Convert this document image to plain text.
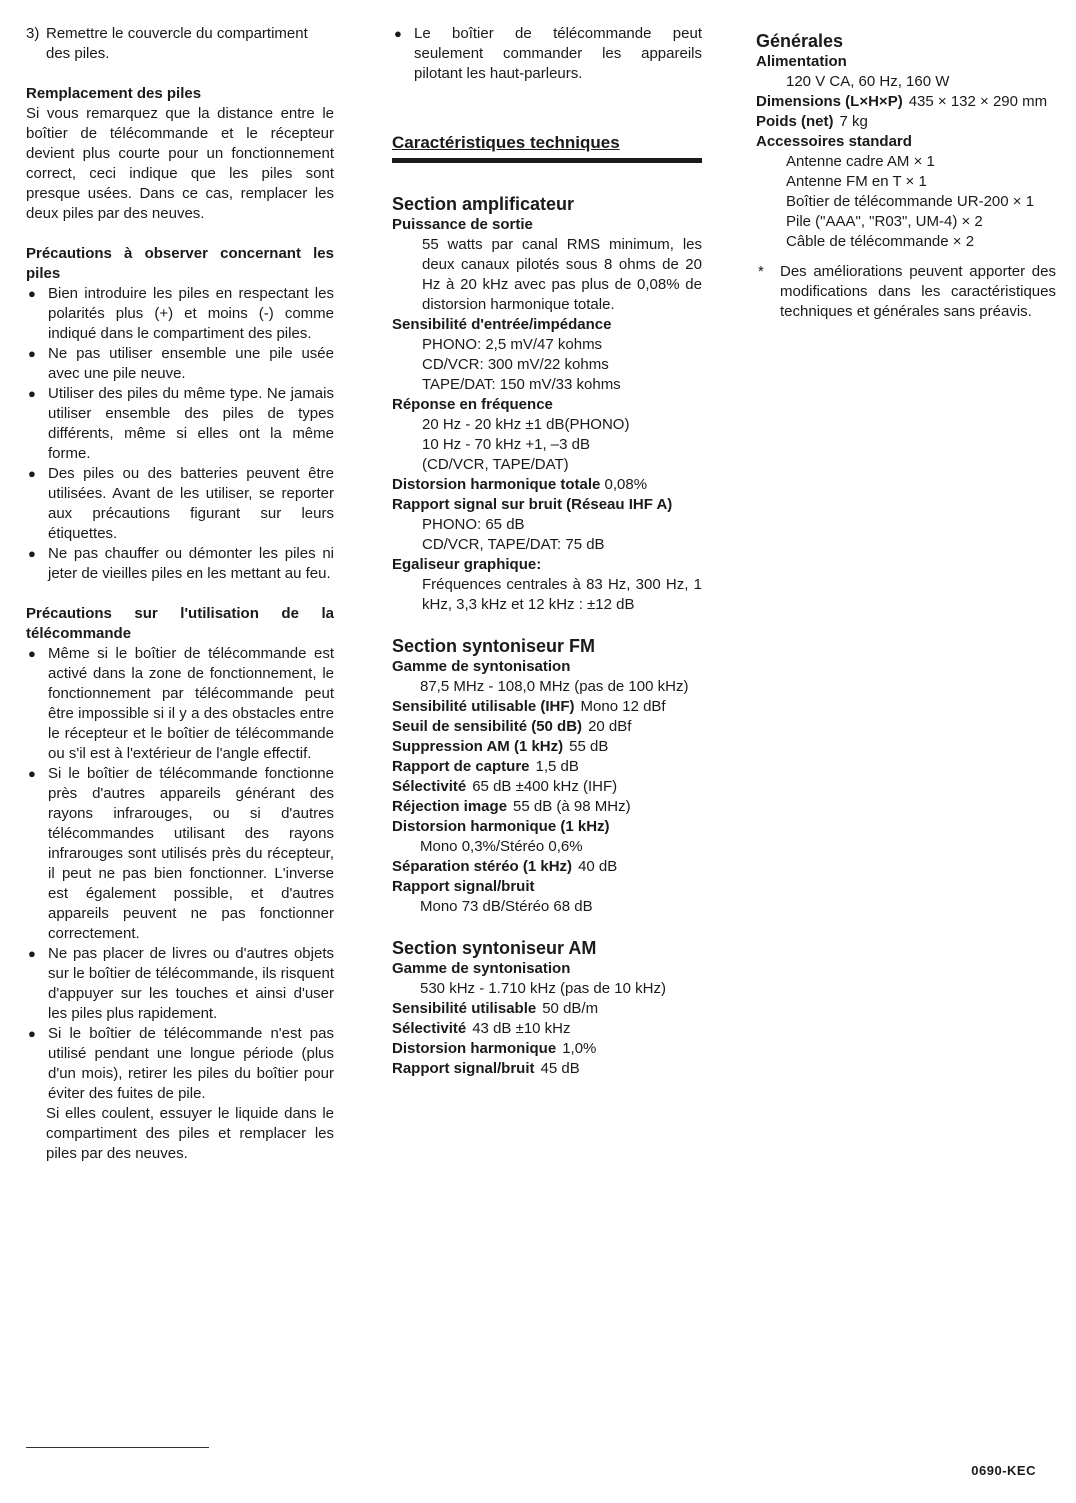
3) Remettre le couvercle du compartiment des piles.

Remplacement des piles

Si vous remarquez que la distance entre le boîtier de télécommande et le récepteur devient plus courte pour un fonctionnement correct, ceci indique que les piles sont presque usées. Dans ce cas, remplacer les deux piles par des neuves.

Précautions à observer concernant les piles

● Bien introduire les piles en respectant les polarités plus (+) et moins (-) comme indiqué dans le compartiment des piles.
● Ne pas utiliser ensemble une pile usée avec une pile neuve.
● Utiliser des piles du même type. Ne jamais utiliser ensemble des piles de types différents, même si elles ont la même forme.
● Des piles ou des batteries peuvent être utilisées. Avant de les utiliser, se reporter aux précautions figurant sur leurs étiquettes.
● Ne pas chauffer ou démonter les piles ni jeter de vieilles piles en les mettant au feu.

Précautions sur l'utilisation de la télécommande

● Même si le boîtier de télécommande est activé dans la zone de fonctionnement, le fonctionnement par télécommande peut être impossible si il y a des obstacles entre le récepteur et le boîtier de télécommande ou s'il est à l'extérieur de l'angle effectif.
● Si le boîtier de télécommande fonctionne près d'autres appareils générant des rayons infrarouges, ou si d'autres télécommandes utilisant des rayons infrarouges sont utilisés près du récepteur, il peut ne pas bien fonctionner. L'inverse est également possible, et d'autres appareils peuvent ne pas fonctionner correctement.
● Ne pas placer de livres ou d'autres objets sur le boîtier de télécommande, ils risquent d'appuyer sur les touches et ainsi d'user les piles plus rapidement.
● Si le boîtier de télécommande n'est pas utilisé pendant une longue période (plus d'un mois), retirer les piles du boîtier pour éviter des fuites de pile.

Si elles coulent, essuyer le liquide dans le compartiment des piles et remplacer les piles par des neuves.

● Le boîtier de télécommande peut seulement commander les appareils pilotant les haut-parleurs.

Caractéristiques techniques

Section amplificateur

Puissance de sortie

55 watts par canal RMS minimum, les deux canaux pilotés sous 8 ohms de 20 Hz à 20 kHz avec pas plus de 0,08% de distorsion harmonique totale.

Sensibilité d'entrée/impédance

PHONO: 2,5 mV/47 kohms

CD/VCR: 300 mV/22 kohms

TAPE/DAT: 150 mV/33 kohms

Réponse en fréquence

20 Hz - 20 kHz ±1 dB(PHONO)

10 Hz - 70 kHz +1, –3 dB

(CD/VCR, TAPE/DAT)

Distorsion harmonique totale 0,08%

Rapport signal sur bruit (Réseau IHF A)

PHONO: 65 dB

CD/VCR, TAPE/DAT: 75 dB

Egaliseur graphique:

Fréquences centrales à 83 Hz, 300 Hz, 1 kHz, 3,3 kHz et 12 kHz : ±12 dB

Section syntoniseur FM

Gamme de syntonisation

87,5 MHz - 108,0 MHz (pas de 100 kHz)

Sensibilité utilisable (IHF) Mono 12 dBf

Seuil de sensibilité (50 dB) 20 dBf

Suppression AM (1 kHz) 55 dB

Rapport de capture 1,5 dB

Sélectivité 65 dB ±400 kHz (IHF)

Réjection image 55 dB (à 98 MHz)

Distorsion harmonique (1 kHz)

Mono 0,3%/Stéréo 0,6%

Séparation stéréo (1 kHz) 40 dB

Rapport signal/bruit

Mono 73 dB/Stéréo 68 dB

Section syntoniseur AM

Gamme de syntonisation

530 kHz - 1.710 kHz (pas de 10 kHz)

Sensibilité utilisable 50 dB/m

Sélectivité 43 dB ±10 kHz

Distorsion harmonique 1,0%

Rapport signal/bruit 45 dB

Générales

Alimentation

120 V CA, 60 Hz, 160 W

Dimensions (L×H×P) 435 × 132 × 290 mm

Poids (net) 7 kg

Accessoires standard

Antenne cadre AM × 1

Antenne FM en T × 1

Boîtier de télécommande UR-200 × 1

Pile ("AAA", "R03", UM-4) × 2

Câble de télécommande × 2

*	Des améliorations peuvent apporter des modifications dans les caractéristiques techniques et générales sans préavis.
0690-KEC
